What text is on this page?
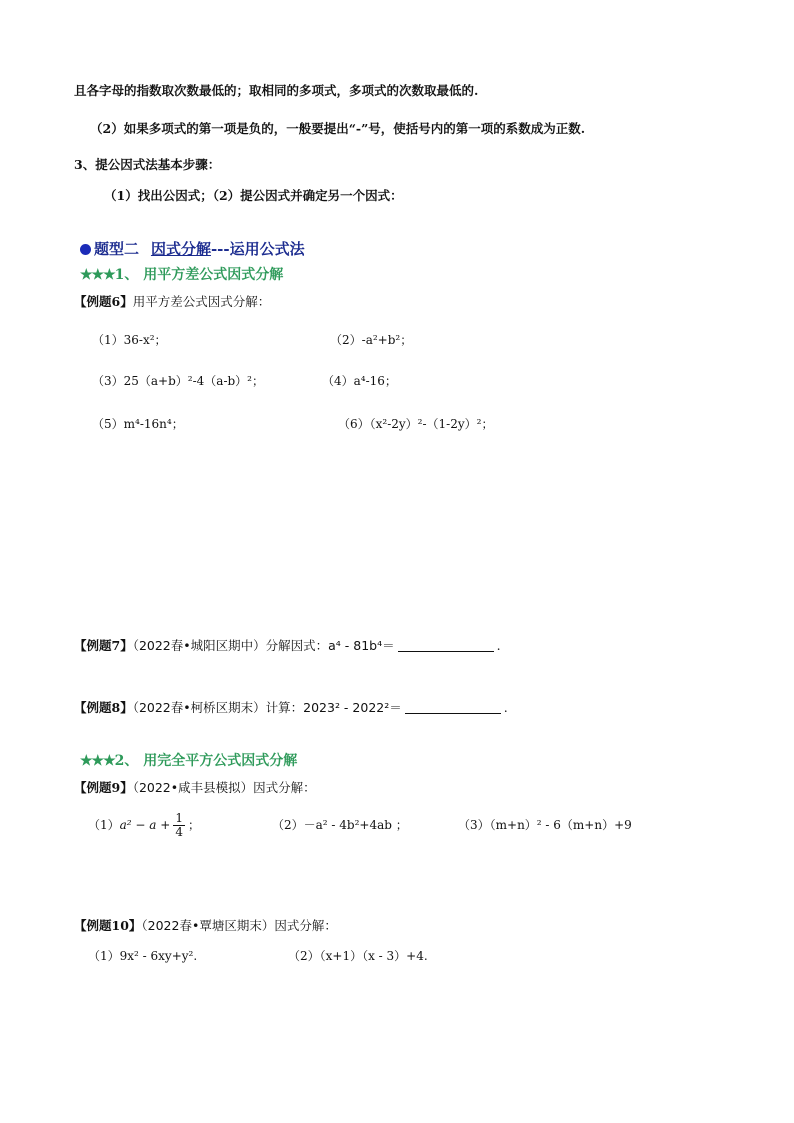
且各字母的指数取次数最低的；取相同的多项式，多项式的次数取最低的.
（2）如果多项式的第一项是负的，一般要提出“-”号，使括号内的第一项的系数成为正数.
3、提公因式法基本步骤：
（1）找出公因式；（2）提公因式并确定另一个因式：
题型二 因式分解---运用公式法
★★★1、 用平方差公式因式分解
【例题6】用平方差公式因式分解：
（1）36-x²；	（2）-a²+b²；
（3）25（a+b）²-4（a-b）²；	（4）a⁴-16；
（5）m⁴-16n⁴；	（6）（x²-2y）²-（1-2y）²；
【例题7】（2022春•城阳区期中）分解因式：a⁴ - 81b⁴＝	.
【例题8】（2022春•柯桥区期末）计算：2023² - 2022²＝	.
★★★2、 用完全平方公式因式分解
【例题9】（2022•咸丰县模拟）因式分解：
$(1)a^2 - a + \frac{1}{4}$ ；	（2）－a² - 4b²+4ab ；	（3）（m+n）² - 6（m+n）+9
【例题10】（2022春•覃塘区期末）因式分解：
（1）9x² - 6xy+y².	（2）（x+1）（x - 3）+4.
